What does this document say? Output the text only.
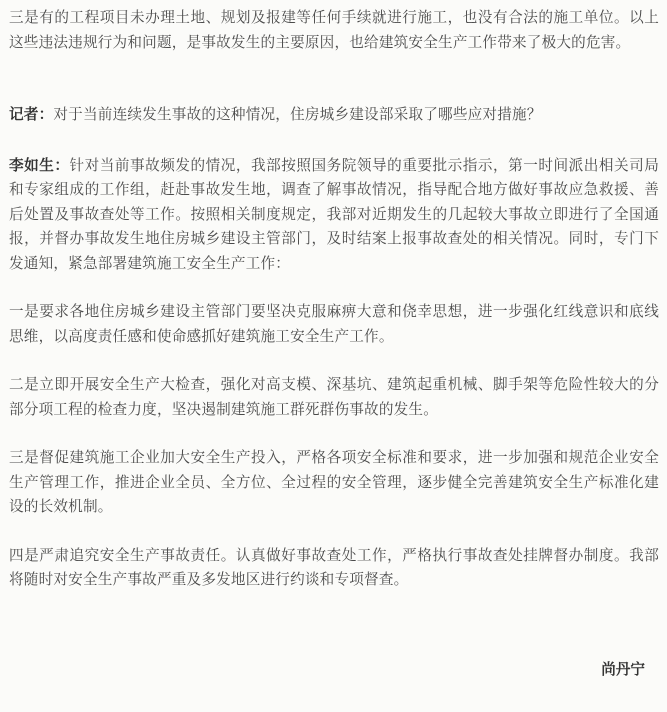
三是有的工程项目未办理土地、规划及报建等任何手续就进行施工，也没有合法的施工单位。以上这些违法违规行为和问题，是事故发生的主要原因，也给建筑安全生产工作带来了极大的危害。

记者：对于当前连续发生事故的这种情况，住房城乡建设部采取了哪些应对措施？

李如生：针对当前事故频发的情况，我部按照国务院领导的重要批示指示，第一时间派出相关司局和专家组成的工作组，赶赴事故发生地，调查了解事故情况，指导配合地方做好事故应急救援、善后处置及事故查处等工作。按照相关制度规定，我部对近期发生的几起较大事故立即进行了全国通报，并督办事故发生地住房城乡建设主管部门，及时结案上报事故查处的相关情况。同时，专门下发通知，紧急部署建筑施工安全生产工作：

一是要求各地住房城乡建设主管部门要坚决克服麻痹大意和侥幸思想，进一步强化红线意识和底线思维，以高度责任感和使命感抓好建筑施工安全生产工作。

二是立即开展安全生产大检查，强化对高支模、深基坑、建筑起重机械、脚手架等危险性较大的分部分项工程的检查力度，坚决遏制建筑施工群死群伤事故的发生。

三是督促建筑施工企业加大安全生产投入，严格各项安全标准和要求，进一步加强和规范企业安全生产管理工作，推进企业全员、全方位、全过程的安全管理，逐步健全完善建筑安全生产标准化建设的长效机制。

四是严肃追究安全生产事故责任。认真做好事故查处工作，严格执行事故查处挂牌督办制度。我部将随时对安全生产事故严重及多发地区进行约谈和专项督查。

尚丹宁
